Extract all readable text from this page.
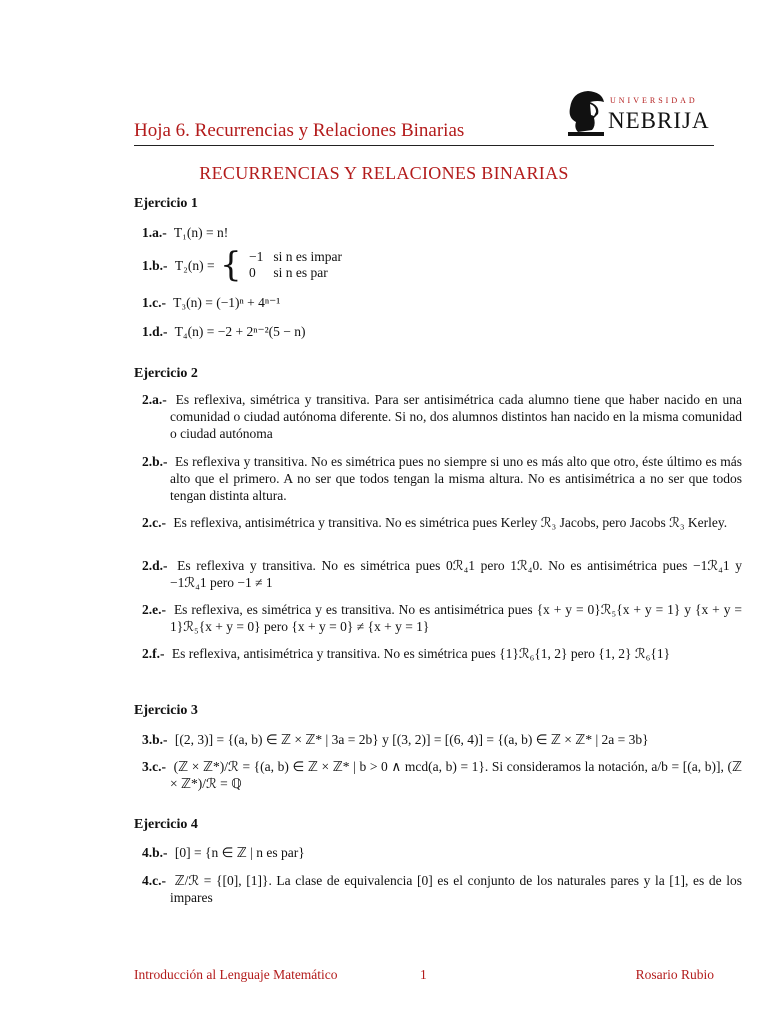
Hoja 6. Recurrencias y Relaciones Binarias
UNIVERSIDAD
NEBRIJA
RECURRENCIAS Y RELACIONES BINARIAS
Ejercicio 1
1.a.- T₁(n) = n!
1.b.- T₂(n) = { −1	si n es impar
0	si n es par
1.c.- T₃(n) = (−1)ⁿ + 4ⁿ⁻¹
1.d.- T₄(n) = −2 + 2ⁿ⁻²(5 − n)
Ejercicio 2
2.a.- Es reflexiva, simétrica y transitiva. Para ser antisimétrica cada alumno tiene que haber nacido en una comunidad o ciudad autónoma diferente. Si no, dos alumnos distintos han nacido en la misma comunidad o ciudad autónoma
2.b.- Es reflexiva y transitiva. No es simétrica pues no siempre si uno es más alto que otro, éste último es más alto que el primero. A no ser que todos tengan la misma altura. No es antisimétrica a no ser que todos tengan distinta altura.
2.c.- Es reflexiva, antisimétrica y transitiva. No es simétrica pues Kerley ℛ₃ Jacobs, pero Jacobs ℛ₃ Kerley.
2.d.- Es reflexiva y transitiva. No es simétrica pues 0ℛ₄1 pero 1ℛ₄0. No es antisimétrica pues −1ℛ₄1 y −1ℛ₄1 pero −1 ≠ 1
2.e.- Es reflexiva, es simétrica y es transitiva. No es antisimétrica pues {x + y = 0}ℛ₅{x + y = 1} y {x + y = 1}ℛ₅{x + y = 0} pero {x + y = 0} ≠ {x + y = 1}
2.f.- Es reflexiva, antisimétrica y transitiva. No es simétrica pues {1}ℛ₆{1, 2} pero {1, 2} ℛ₆{1}
Ejercicio 3
3.b.- [(2, 3)] = {(a, b) ∈ ℤ × ℤ* | 3a = 2b} y [(3, 2)] = [(6, 4)] = {(a, b) ∈ ℤ × ℤ* | 2a = 3b}
3.c.- (ℤ × ℤ*)/ℛ = {(a, b) ∈ ℤ × ℤ* | b > 0 ∧ mcd(a, b) = 1}. Si consideramos la notación, a/b = [(a, b)], (ℤ × ℤ*)/ℛ = ℚ
Ejercicio 4
4.b.- [0] = {n ∈ ℤ | n es par}
4.c.- ℤ/ℛ = {[0], [1]}. La clase de equivalencia [0] es el conjunto de los naturales pares y la [1], es de los impares
Introducción al Lenguaje Matemático	1	Rosario Rubio
